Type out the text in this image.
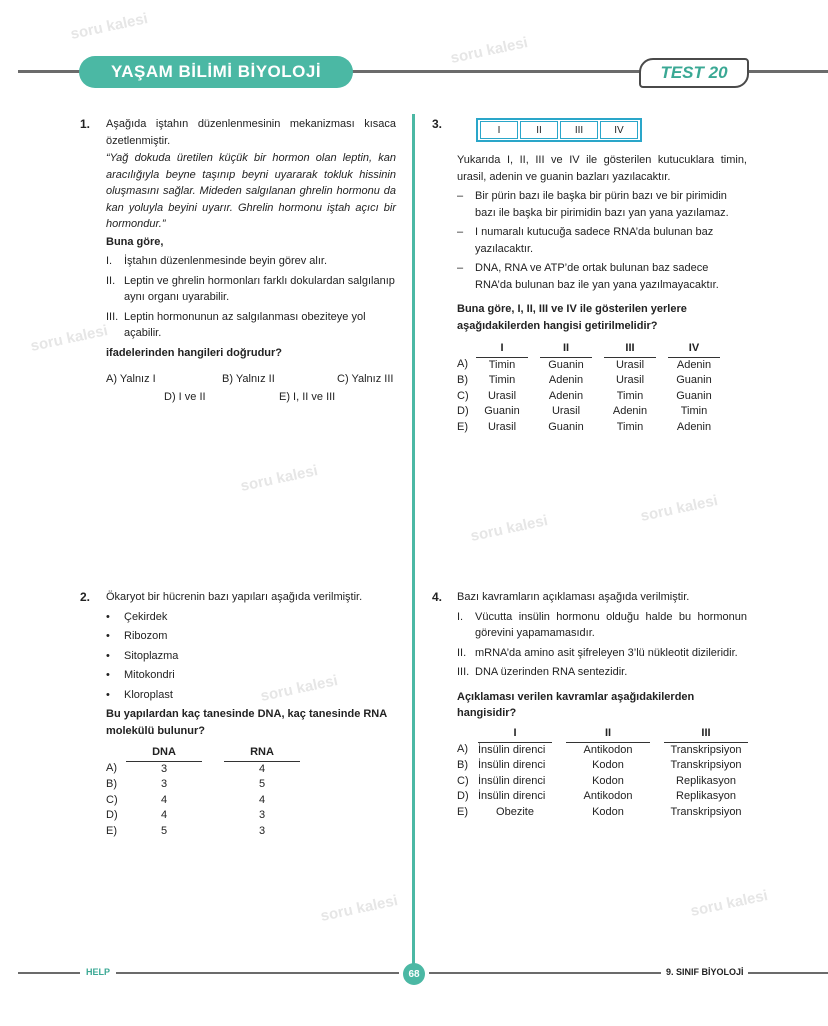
soru kalesi
soru kalesi
soru kalesi
soru kalesi
soru kalesi
soru kalesi
soru kalesi
soru kalesi	soru kalesi
YAŞAM BİLİMİ BİYOLOJİ	TEST 20
1. Aşağıda iştahın düzenlenmesinin mekanizması kısaca özetlenmiştir.
“Yağ dokuda üretilen küçük bir hormon olan leptin, kan aracılığıyla beyne taşınıp beyni uyararak tokluk hissinin oluşmasını sağlar. Mideden salgılanan ghrelin hormonu da kan yoluyla beyini uyarır. Ghrelin hormonu iştah açıcı bir hormondur.”
Buna göre,
I. İştahın düzenlenmesinde beyin görev alır.
II. Leptin ve ghrelin hormonları farklı dokulardan salgılanıp aynı organı uyarabilir.
III. Leptin hormonunun az salgılanması obeziteye yol açabilir.
ifadelerinden hangileri doğrudur?
A) Yalnız I	B) Yalnız II	C) Yalnız III
D) I ve II	E) I, II ve III
2. Ökaryot bir hücrenin bazı yapıları aşağıda verilmiştir.
• Çekirdek
• Ribozom
• Sitoplazma
• Mitokondri
• Kloroplast
Bu yapılardan kaç tanesinde DNA, kaç tanesinde RNA molekülü bulunur?
	DNA		RNA
A)	3		4
B)	3		5
C)	4		4
D)	4		3
E)	5		3
3.	I	II	III	IV
Yukarıda I, II, III ve IV ile gösterilen kutucuklara timin, urasil, adenin ve guanin bazları yazılacaktır.
– Bir pürin bazı ile başka bir pürin bazı ve bir pirimidin bazı ile başka bir pirimidin bazı yan yana yazılamaz.
– I numaralı kutucuğa sadece RNA’da bulunan baz yazılacaktır.
– DNA, RNA ve ATP’de ortak bulunan baz sadece RNA’da bulunan baz ile yan yana yazılmayacaktır.
Buna göre, I, II, III ve IV ile gösterilen yerlere aşağıdakilerden hangisi getirilmelidir?
	I		II		III		IV
A)	Timin		Guanin		Urasil		Adenin
B)	Timin		Adenin		Urasil		Guanin
C)	Urasil		Adenin		Timin		Guanin
D)	Guanin		Urasil		Adenin		Timin
E)	Urasil		Guanin		Timin		Adenin
4. Bazı kavramların açıklaması aşağıda verilmiştir.
I. Vücutta insülin hormonu olduğu halde bu hormonun görevini yapamamasıdır.
II. mRNA’da amino asit şifreleyen 3’lü nükleotit dizileridir.
III. DNA üzerinden RNA sentezidir.
Açıklaması verilen kavramlar aşağıdakilerden hangisidir?
	I		II		III
A)	İnsülin direnci		Antikodon		Transkripsiyon
B)	İnsülin direnci		Kodon		Transkripsiyon
C)	İnsülin direnci		Kodon		Replikasyon
D)	İnsülin direnci		Antikodon		Replikasyon
E)	Obezite		Kodon		Transkripsiyon
HELP	68	9. SINIF BİYOLOJİ
